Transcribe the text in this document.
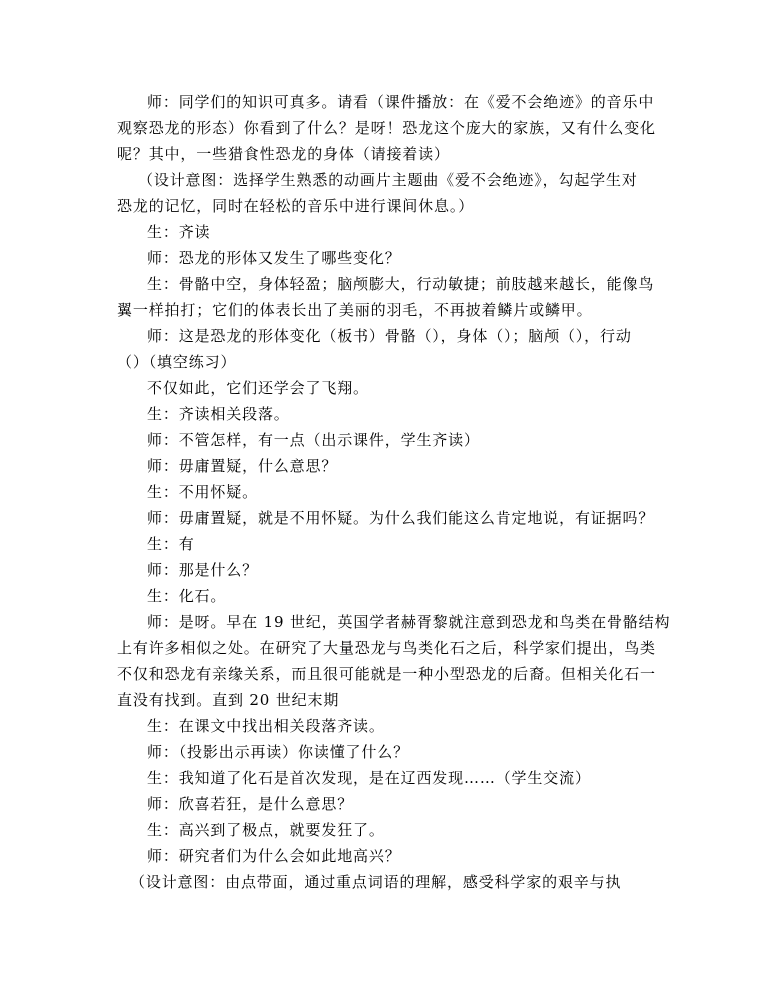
师：同学们的知识可真多。请看（课件播放：在《爱不会绝迹》的音乐中
观察恐龙的形态）你看到了什么？是呀！恐龙这个庞大的家族，又有什么变化
呢？其中，一些猎食性恐龙的身体（请接着读）
（设计意图：选择学生熟悉的动画片主题曲《爱不会绝迹》，勾起学生对
恐龙的记忆，同时在轻松的音乐中进行课间休息。）
生：齐读
师：恐龙的形体又发生了哪些变化？
生：骨骼中空，身体轻盈；脑颅膨大，行动敏捷；前肢越来越长，能像鸟
翼一样拍打；它们的体表长出了美丽的羽毛，不再披着鳞片或鳞甲。
师：这是恐龙的形体变化（板书）骨骼（），身体（）；脑颅（），行动
（）（填空练习）
不仅如此，它们还学会了飞翔。
生：齐读相关段落。
师：不管怎样，有一点（出示课件，学生齐读）
师：毋庸置疑，什么意思？
生：不用怀疑。
师：毋庸置疑，就是不用怀疑。为什么我们能这么肯定地说，有证据吗？
生：有
师：那是什么？
生：化石。
师：是呀。早在 19 世纪，英国学者赫胥黎就注意到恐龙和鸟类在骨骼结构
上有许多相似之处。在研究了大量恐龙与鸟类化石之后，科学家们提出，鸟类
不仅和恐龙有亲缘关系，而且很可能就是一种小型恐龙的后裔。但相关化石一
直没有找到。直到 20 世纪末期
生：在课文中找出相关段落齐读。
师：（投影出示再读）你读懂了什么？
生：我知道了化石是首次发现，是在辽西发现……（学生交流）
师：欣喜若狂，是什么意思？
生：高兴到了极点，就要发狂了。
师：研究者们为什么会如此地高兴？
（设计意图：由点带面，通过重点词语的理解，感受科学家的艰辛与执
